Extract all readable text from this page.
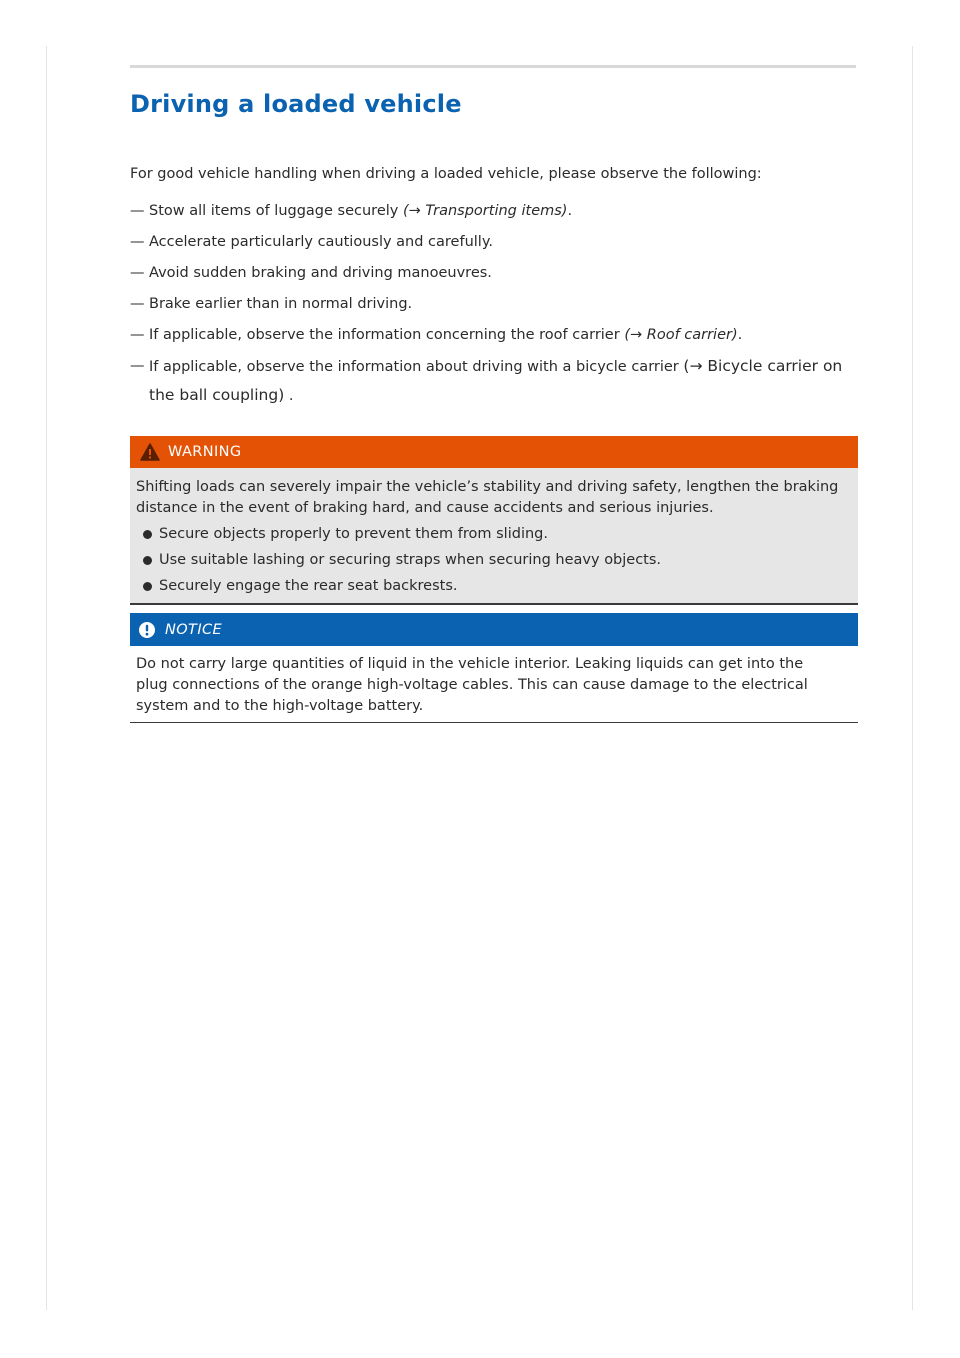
Driving a loaded vehicle

For good vehicle handling when driving a loaded vehicle, please observe the following:

— Stow all items of luggage securely (→ Transporting items).
— Accelerate particularly cautiously and carefully.
— Avoid sudden braking and driving manoeuvres.
— Brake earlier than in normal driving.
— If applicable, observe the information concerning the roof carrier (→ Roof carrier).
— If applicable, observe the information about driving with a bicycle carrier (→ Bicycle carrier on the ball coupling) .
WARNING

Shifting loads can severely impair the vehicle’s stability and driving safety, lengthen the braking distance in the event of braking hard, and cause accidents and serious injuries.

Secure objects properly to prevent them from sliding.
Use suitable lashing or securing straps when securing heavy objects.
Securely engage the rear seat backrests.
NOTICE

Do not carry large quantities of liquid in the vehicle interior. Leaking liquids can get into the plug connections of the orange high-voltage cables. This can cause damage to the electrical system and to the high-voltage battery.
